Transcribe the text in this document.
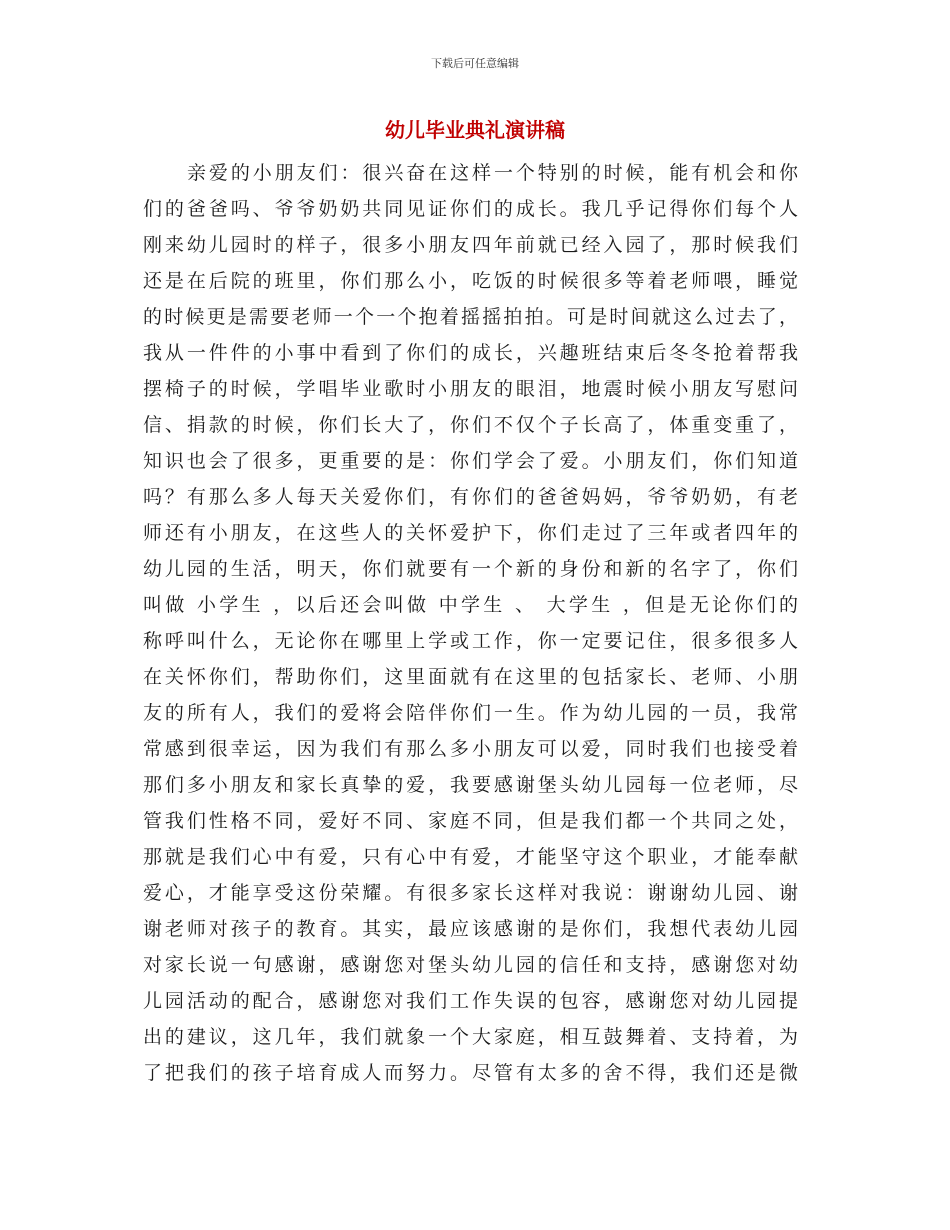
下载后可任意编辑
幼儿毕业典礼演讲稿
亲爱的小朋友们：很兴奋在这样一个特别的时候，能有机会和你
们的爸爸吗、爷爷奶奶共同见证你们的成长。我几乎记得你们每个人
刚来幼儿园时的样子，很多小朋友四年前就已经入园了，那时候我们
还是在后院的班里，你们那么小，吃饭的时候很多等着老师喂，睡觉
的时候更是需要老师一个一个抱着摇摇拍拍。可是时间就这么过去了，
我从一件件的小事中看到了你们的成长，兴趣班结束后冬冬抢着帮我
摆椅子的时候，学唱毕业歌时小朋友的眼泪，地震时候小朋友写慰问
信、捐款的时候，你们长大了，你们不仅个子长高了，体重变重了，
知识也会了很多，更重要的是：你们学会了爱。小朋友们，你们知道
吗？有那么多人每天关爱你们，有你们的爸爸妈妈，爷爷奶奶，有老
师还有小朋友，在这些人的关怀爱护下，你们走过了三年或者四年的
幼儿园的生活，明天，你们就要有一个新的身份和新的名字了，你们
叫做 小学生 ，以后还会叫做 中学生 、 大学生 ，但是无论你们的
称呼叫什么，无论你在哪里上学或工作，你一定要记住，很多很多人
在关怀你们，帮助你们，这里面就有在这里的包括家长、老师、小朋
友的所有人，我们的爱将会陪伴你们一生。作为幼儿园的一员，我常
常感到很幸运，因为我们有那么多小朋友可以爱，同时我们也接受着
那们多小朋友和家长真挚的爱，我要感谢堡头幼儿园每一位老师，尽
管我们性格不同，爱好不同、家庭不同，但是我们都一个共同之处，
那就是我们心中有爱，只有心中有爱，才能坚守这个职业，才能奉献
爱心，才能享受这份荣耀。有很多家长这样对我说：谢谢幼儿园、谢
谢老师对孩子的教育。其实，最应该感谢的是你们，我想代表幼儿园
对家长说一句感谢，感谢您对堡头幼儿园的信任和支持，感谢您对幼
儿园活动的配合，感谢您对我们工作失误的包容，感谢您对幼儿园提
出的建议，这几年，我们就象一个大家庭，相互鼓舞着、支持着，为
了把我们的孩子培育成人而努力。尽管有太多的舍不得，我们还是微
